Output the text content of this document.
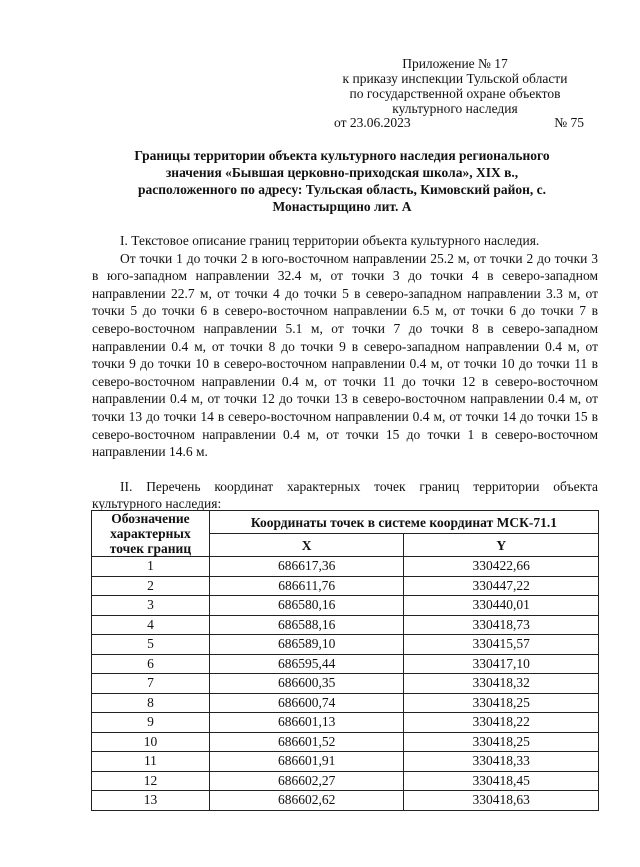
Приложение № 17
к приказу инспекции Тульской области
по государственной охране объектов
культурного наследия
от 23.06.2023	№ 75
Границы территории объекта культурного наследия регионального
значения «Бывшая церковно-приходская школа», XIX в.,
расположенного по адресу: Тульская область, Кимовский район, с.
Монастырщино лит. А
I. Текстовое описание границ территории объекта культурного наследия.

От точки 1 до точки 2 в юго-восточном направлении 25.2 м, от точки 2 до точки 3 в юго-западном направлении 32.4 м, от точки 3 до точки 4 в северо-западном направлении 22.7 м, от точки 4 до точки 5 в северо-западном направлении 3.3 м, от точки 5 до точки 6 в северо-восточном направлении 6.5 м, от точки 6 до точки 7 в северо-восточном направлении 5.1 м, от точки 7 до точки 8 в северо-западном направлении 0.4 м, от точки 8 до точки 9 в северо-западном направлении 0.4 м, от точки 9 до точки 10 в северо-восточном направлении 0.4 м, от точки 10 до точки 11 в северо-восточном направлении 0.4 м, от точки 11 до точки 12 в северо-восточном направлении 0.4 м, от точки 12 до точки 13 в северо-восточном направлении 0.4 м, от точки 13 до точки 14 в северо-восточном направлении 0.4 м, от точки 14 до точки 15 в северо-восточном направлении 0.4 м, от точки 15 до точки 1 в северо-восточном направлении 14.6 м.

II. Перечень координат характерных точек границ территории объекта культурного наследия:
Обозначение характерных точек границ	Координаты точек в системе координат МСК-71.1	
	X	Y
1	686617,36	330422,66
2	686611,76	330447,22
3	686580,16	330440,01
4	686588,16	330418,73
5	686589,10	330415,57
6	686595,44	330417,10
7	686600,35	330418,32
8	686600,74	330418,25
9	686601,13	330418,22
10	686601,52	330418,25
11	686601,91	330418,33
12	686602,27	330418,45
13	686602,62	330418,63
